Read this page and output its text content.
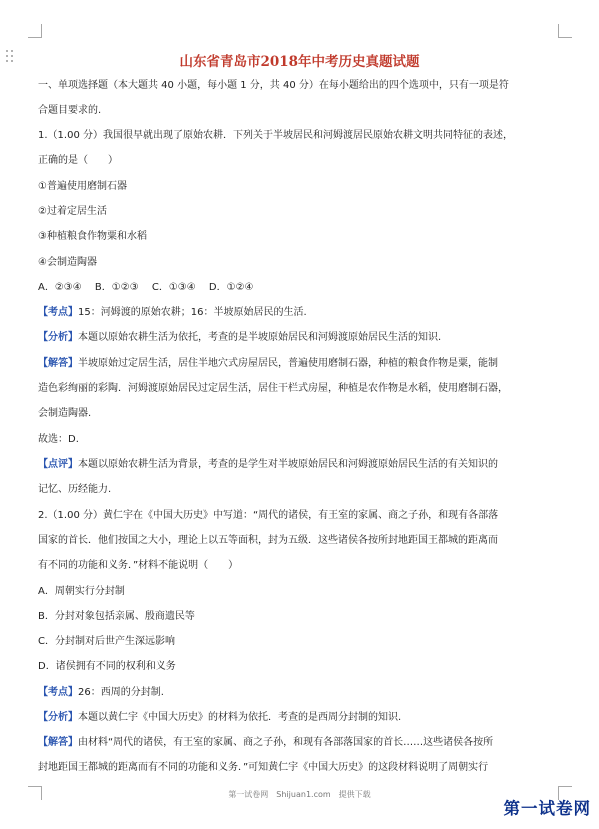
山东省青岛市2018年中考历史真题试题
一、单项选择题（本大题共 40 小题，每小题 1 分，共 40 分）在每小题给出的四个选项中，只有一项是符
合题目要求的.
1.（1.00 分）我国很早就出现了原始农耕．下列关于半坡居民和河姆渡居民原始农耕文明共同特征的表述，
正确的是（　　）
①普遍使用磨制石器
②过着定居生活
③种植粮食作物粟和水稻
④会制造陶器
A．②③④　 B．①②③　 C．①③④　 D．①②④
【考点】15：河姆渡的原始农耕；16：半坡原始居民的生活.
【分析】本题以原始农耕生活为依托，考查的是半坡原始居民和河姆渡原始居民生活的知识.
【解答】半坡原始过定居生活，居住半地穴式房屋居民，普遍使用磨制石器，种植的粮食作物是粟，能制
造色彩绚丽的彩陶．河姆渡原始居民过定居生活，居住干栏式房屋，种植是农作物是水稻，使用磨制石器，
会制造陶器.
故选：D.
【点评】本题以原始农耕生活为背景，考查的是学生对半坡原始居民和河姆渡原始居民生活的有关知识的
记忆、历经能力.
2.（1.00 分）黄仁宇在《中国大历史》中写道：“周代的诸侯，有王室的家属、商之子孙，和现有各部落
国家的首长．他们按国之大小，理论上以五等面积，封为五级．这些诸侯各按所封地距国王都城的距离而
有不同的功能和义务．”材料不能说明（　　）
A．周朝实行分封制
B．分封对象包括亲属、殷商遗民等
C．分封制对后世产生深远影响
D．诸侯拥有不同的权利和义务
【考点】26：西周的分封制.
【分析】本题以黄仁宇《中国大历史》的材料为依托．考查的是西周分封制的知识.
【解答】由材料“周代的诸侯，有王室的家属、商之子孙，和现有各部落国家的首长……这些诸侯各按所
封地距国王都城的距离而有不同的功能和义务．”可知黄仁宇《中国大历史》的这段材料说明了周朝实行
第一试卷网　Shijuan1.com　提供下载
第一试卷网
